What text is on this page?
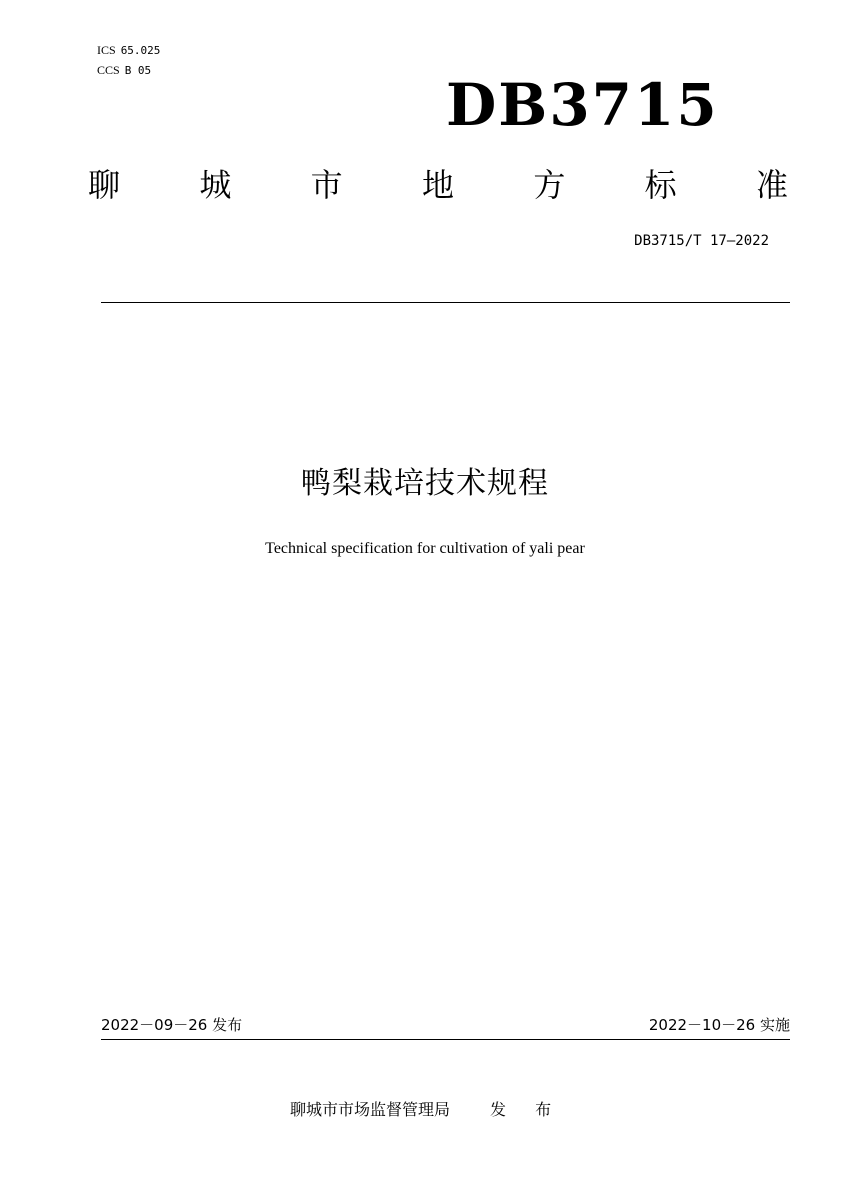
ICS 65.025
CCS B 05
DB3715
聊 城 市 地 方 标 准
DB3715/T 17—2022
鸭梨栽培技术规程
Technical specification for cultivation of yali pear
2022－09－26 发布	2022－10－26 实施
聊城市市场监督管理局	发 布
